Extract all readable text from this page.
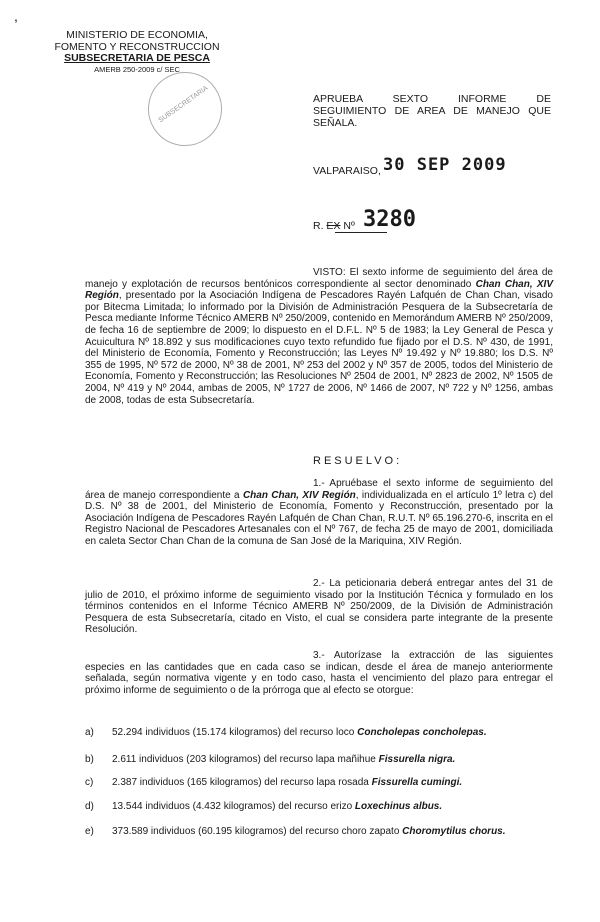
,
MINISTERIO DE ECONOMIA,
FOMENTO Y RECONSTRUCCION
SUBSECRETARIA DE PESCA
AMERB 250-2009 c/ SEC
SUBSECRETARIA	APRUEBA SEXTO INFORME DE
SEGUIMIENTO DE AREA DE MANEJO QUE
SEÑALA.
VALPARAISO, 30 SEP 2009
R. EX Nº 3280
VISTO: El sexto informe de seguimiento del área de manejo y explotación de recursos bentónicos correspondiente al sector denominado Chan Chan, XIV Región, presentado por la Asociación Indígena de Pescadores Rayén Lafquén de Chan Chan, visado por Bitecma Limitada; lo informado por la División de Administración Pesquera de la Subsecretaría de Pesca mediante Informe Técnico AMERB Nº 250/2009, contenido en Memorándum AMERB Nº 250/2009, de fecha 16 de septiembre de 2009; lo dispuesto en el D.F.L. Nº 5 de 1983; la Ley General de Pesca y Acuicultura Nº 18.892 y sus modificaciones cuyo texto refundido fue fijado por el D.S. Nº 430, de 1991, del Ministerio de Economía, Fomento y Reconstrucción; las Leyes Nº 19.492 y Nº 19.880; los D.S. Nº 355 de 1995, Nº 572 de 2000, Nº 38 de 2001, Nº 253 del 2002 y Nº 357 de 2005, todos del Ministerio de Economía, Fomento y Reconstrucción; las Resoluciones Nº 2504 de 2001, Nº 2823 de 2002, Nº 1505 de 2004, Nº 419 y Nº 2044, ambas de 2005, Nº 1727 de 2006, Nº 1466 de 2007, Nº 722 y Nº 1256, ambas de 2008, todas de esta Subsecretaría.
RESUELVO:
1.- Apruébase el sexto informe de seguimiento del área de manejo correspondiente a Chan Chan, XIV Región, individualizada en el artículo 1º letra c) del D.S. Nº 38 de 2001, del Ministerio de Economía, Fomento y Reconstrucción, presentado por la Asociación Indígena de Pescadores Rayén Lafquén de Chan Chan, R.U.T. Nº 65.196.270-6, inscrita en el Registro Nacional de Pescadores Artesanales con el Nº 767, de fecha 25 de mayo de 2001, domiciliada en caleta Sector Chan Chan de la comuna de San José de la Mariquina, XIV Región.
2.- La peticionaria deberá entregar antes del 31 de julio de 2010, el próximo informe de seguimiento visado por la Institución Técnica y formulado en los términos contenidos en el Informe Técnico AMERB Nº 250/2009, de la División de Administración Pesquera de esta Subsecretaría, citado en Visto, el cual se considera parte integrante de la presente Resolución.
3.- Autorízase la extracción de las siguientes especies en las cantidades que en cada caso se indican, desde el área de manejo anteriormente señalada, según normativa vigente y en todo caso, hasta el vencimiento del plazo para entregar el próximo informe de seguimiento o de la prórroga que al efecto se otorgue:
a) 52.294 individuos (15.174 kilogramos) del recurso loco Concholepas concholepas.
b) 2.611 individuos (203 kilogramos) del recurso lapa mañihue Fissurella nigra.
c) 2.387 individuos (165 kilogramos) del recurso lapa rosada Fissurella cumingi.
d) 13.544 individuos (4.432 kilogramos) del recurso erizo Loxechinus albus.
e) 373.589 individuos (60.195 kilogramos) del recurso choro zapato Choromytilus chorus.
